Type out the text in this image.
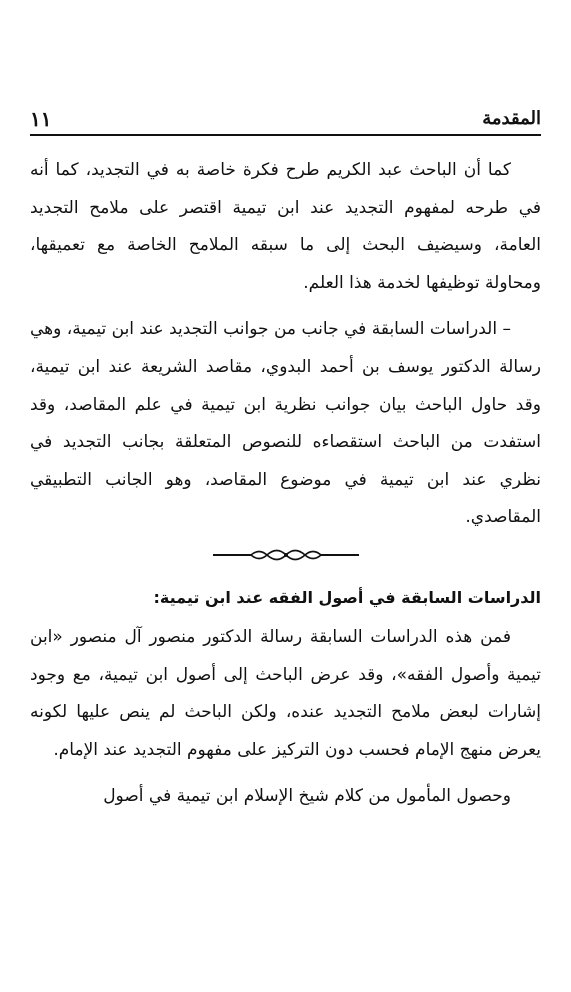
المقدمة
١١

كما أن الباحث عبد الكريم طرح فكرة خاصة به في التجديد، كما أنه في طرحه لمفهوم التجديد عند ابن تيمية اقتصر على ملامح التجديد العامة، وسيضيف البحث إلى ما سبقه الملامح الخاصة مع تعميقها، ومحاولة توظيفها لخدمة هذا العلم.

– الدراسات السابقة في جانب من جوانب التجديد عند ابن تيمية، وهي رسالة الدكتور يوسف بن أحمد البدوي، مقاصد الشريعة عند ابن تيمية، وقد حاول الباحث بيان جوانب نظرية ابن تيمية في علم المقاصد، وقد استفدت من الباحث استقصاءه للنصوص المتعلقة بجانب التجديد في نظري عند ابن تيمية في موضوع المقاصد، وهو الجانب التطبيقي المقاصدي.

الدراسات السابقة في أصول الفقه عند ابن تيمية:

فمن هذه الدراسات السابقة رسالة الدكتور منصور آل منصور «ابن تيمية وأصول الفقه»، وقد عرض الباحث إلى أصول ابن تيمية، مع وجود إشارات لبعض ملامح التجديد عنده، ولكن الباحث لم ينص عليها لكونه يعرض منهج الإمام فحسب دون التركيز على مفهوم التجديد عند الإمام.

وحصول المأمول من كلام شيخ الإسلام ابن تيمية في أصول
